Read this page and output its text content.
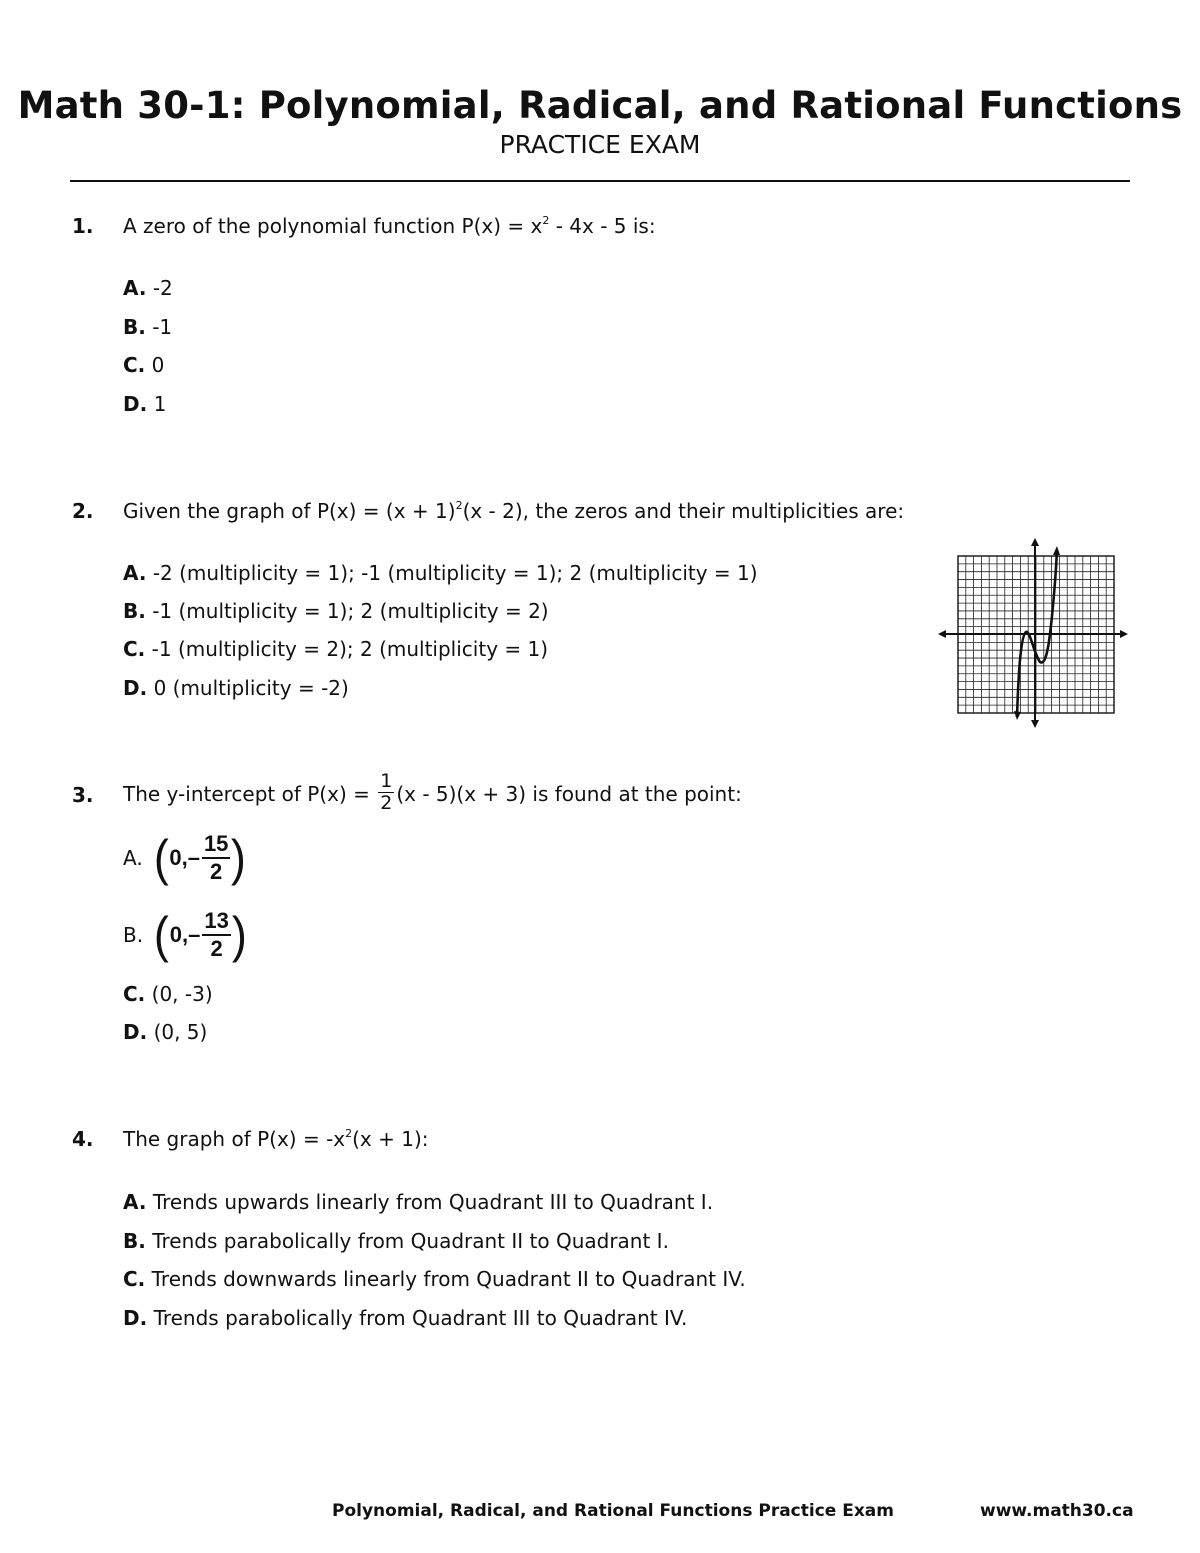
Math 30-1: Polynomial, Radical, and Rational Functions
PRACTICE EXAM
1. A zero of the polynomial function $P(x) = x^2 - 4x - 5$ is:
A. -2
B. -1
C. 0
D. 1
2. Given the graph of $P(x) = (x + 1)^2(x - 2)$, the zeros and their multiplicities are:
A. -2 (multiplicity = 1); -1 (multiplicity = 1); 2 (multiplicity = 1)
B. -1 (multiplicity = 1); 2 (multiplicity = 2)
C. -1 (multiplicity = 2); 2 (multiplicity = 1)
D. 0 (multiplicity = -2)
3. The y-intercept of $P(x) = \frac{1}{2} (x - 5)(x + 3)$ is found at the point:
A. ( 0,–
15
2 )
B. ( 0,–
13
2 )
C. (0, -3)
D. (0, 5)
4. The graph of $P(x) = -x^2(x + 1)$:
A. Trends upwards linearly from Quadrant III to Quadrant I.
B. Trends parabolically from Quadrant II to Quadrant I.
C. Trends downwards linearly from Quadrant II to Quadrant IV.
D. Trends parabolically from Quadrant III to Quadrant IV.
Polynomial, Radical, and Rational Functions Practice Exam	www.math30.ca
